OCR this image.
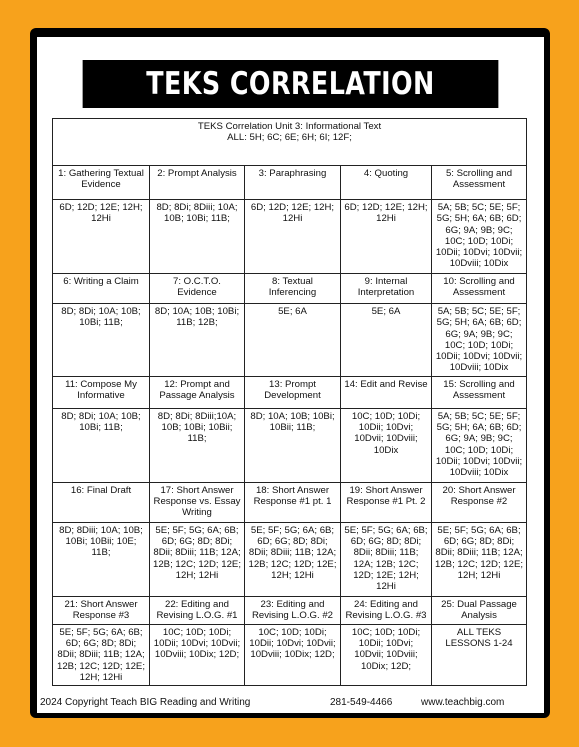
TEKS CORRELATION
TEKS Correlation Unit 3: Informational Text
ALL: 5H; 6C; 6E; 6H; 6I; 12F;				

1: Gathering Textual Evidence	2: Prompt Analysis	3: Paraphrasing	4: Quoting	5: Scrolling and Assessment
6D; 12D; 12E; 12H; 12Hi	8D; 8Di; 8Diii; 10A; 10B; 10Bi; 11B;	6D; 12D; 12E; 12H; 12Hi	6D; 12D; 12E; 12H; 12Hi	5A; 5B; 5C; 5E; 5F; 5G; 5H; 6A; 6B; 6D; 6G; 9A; 9B; 9C; 10C; 10D; 10Di; 10Dii; 10Dvi; 10Dvii; 10Dviii; 10Dix
6: Writing a Claim	7: O.C.T.O. Evidence	8: Textual Inferencing	9: Internal Interpretation	10: Scrolling and Assessment
8D; 8Di; 10A; 10B; 10Bi; 11B;	8D; 10A; 10B; 10Bi; 11B; 12B;	5E; 6A	5E; 6A	5A; 5B; 5C; 5E; 5F; 5G; 5H; 6A; 6B; 6D; 6G; 9A; 9B; 9C; 10C; 10D; 10Di; 10Dii; 10Dvi; 10Dvii; 10Dviii; 10Dix
11: Compose My Informative	12: Prompt and Passage Analysis	13: Prompt Development	14: Edit and Revise	15: Scrolling and Assessment
8D; 8Di; 10A; 10B; 10Bi; 11B;	8D; 8Di; 8Diii;10A; 10B; 10Bi; 10Bii; 11B;	8D; 10A; 10B; 10Bi; 10Bii; 11B;	10C; 10D; 10Di; 10Dii; 10Dvi; 10Dvii; 10Dviii; 10Dix	5A; 5B; 5C; 5E; 5F; 5G; 5H; 6A; 6B; 6D; 6G; 9A; 9B; 9C; 10C; 10D; 10Di; 10Dii; 10Dvi; 10Dvii; 10Dviii; 10Dix
16: Final Draft	17: Short Answer Response vs. Essay Writing	18: Short Answer Response #1 pt. 1	19: Short Answer Response #1 Pt. 2	20: Short Answer Response #2
8D; 8Diii; 10A; 10B; 10Bi; 10Bii; 10E; 11B;	5E; 5F; 5G; 6A; 6B; 6D; 6G; 8D; 8Di; 8Dii; 8Diii; 11B; 12A; 12B; 12C; 12D; 12E; 12H; 12Hi	5E; 5F; 5G; 6A; 6B; 6D; 6G; 8D; 8Di; 8Dii; 8Diii; 11B; 12A; 12B; 12C; 12D; 12E; 12H; 12Hi	5E; 5F; 5G; 6A; 6B; 6D; 6G; 8D; 8Di; 8Dii; 8Diii; 11B; 12A; 12B; 12C; 12D; 12E; 12H; 12Hi	5E; 5F; 5G; 6A; 6B; 6D; 6G; 8D; 8Di; 8Dii; 8Diii; 11B; 12A; 12B; 12C; 12D; 12E; 12H; 12Hi
21: Short Answer Response #3	22: Editing and Revising L.O.G. #1	23: Editing and Revising L.O.G. #2	24: Editing and Revising L.O.G. #3	25: Dual Passage Analysis
5E; 5F; 5G; 6A; 6B; 6D; 6G; 8D; 8Di; 8Dii; 8Diii; 11B; 12A; 12B; 12C; 12D; 12E; 12H; 12Hi	10C; 10D; 10Di; 10Dii; 10Dvi; 10Dvii; 10Dviii; 10Dix; 12D;	10C; 10D; 10Di; 10Dii; 10Dvi; 10Dvii; 10Dviii; 10Dix; 12D;	10C; 10D; 10Di; 10Dii; 10Dvi; 10Dvii; 10Dviii; 10Dix; 12D;	ALL TEKS LESSONS 1-24
2024 Copyright Teach BIG Reading and Writing	281-549-4466	www.teachbig.com
